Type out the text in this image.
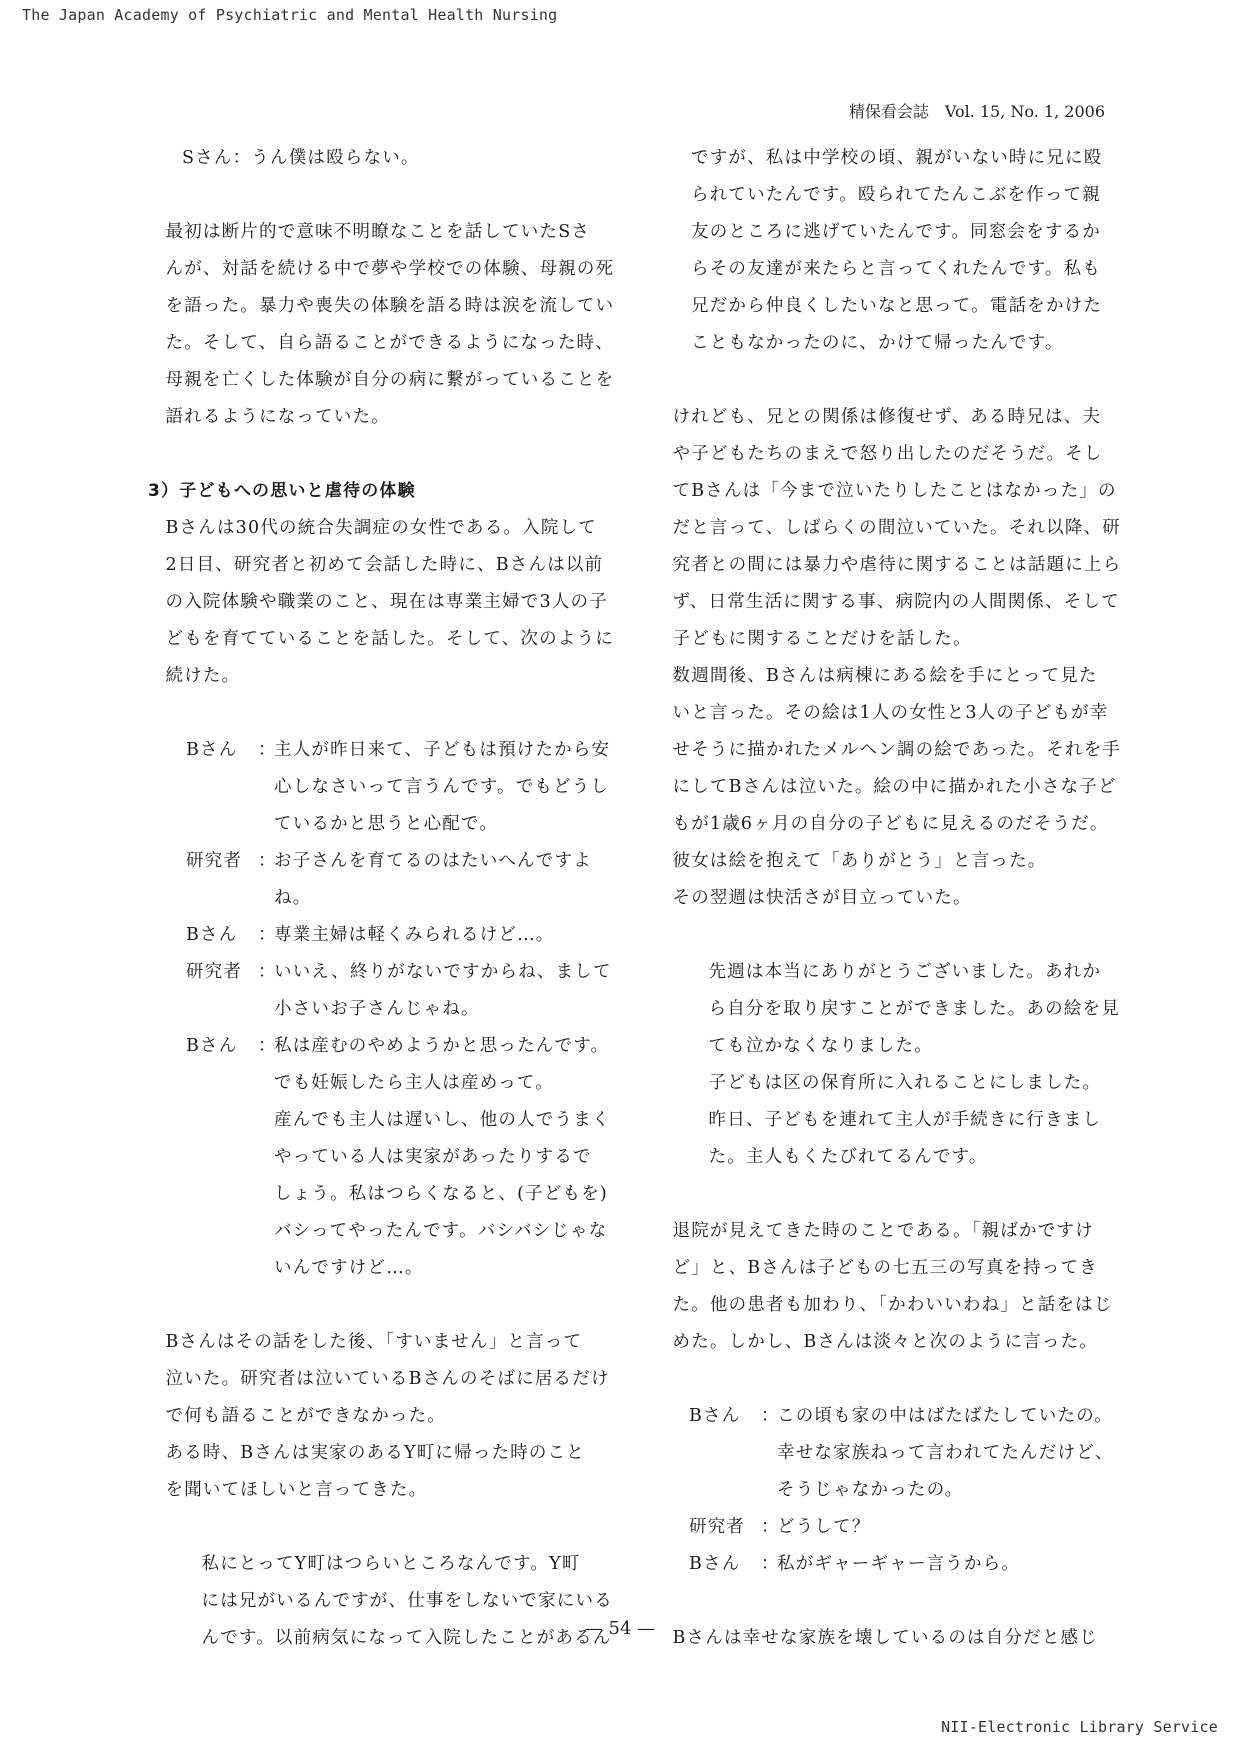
The Japan Academy of Psychiatric and Mental Health Nursing
精保看会誌　Vol. 15, No. 1, 2006
Sさん ： うん僕は殴らない。

最初は断片的で意味不明瞭なことを話していたSさ

んが、対話を続ける中で夢や学校での体験、母親の死

を語った。暴力や喪失の体験を語る時は涙を流してい

た。そして、自ら語ることができるようになった時、

母親を亡くした体験が自分の病に繋がっていることを

語れるようになっていた。

3）子どもへの思いと虐待の体験

Bさんは30代の統合失調症の女性である。入院して

2日目、研究者と初めて会話した時に、Bさんは以前

の入院体験や職業のこと、現在は専業主婦で3人の子

どもを育てていることを話した。そして、次のように

続けた。

Bさん	：

主人が昨日来て、子どもは預けたから安

心しなさいって言うんです。でもどうし

ているかと思うと心配で。

研究者 ：

お子さんを育てるのはたいへんですよ

ね。

Bさん	：

専業主婦は軽くみられるけど…。

研究者 ：

いいえ、終りがないですからね、まして

小さいお子さんじゃね。

Bさん	：

私は産むのやめようかと思ったんです。

でも妊娠したら主人は産めって。

産んでも主人は遅いし、他の人でうまく

やっている人は実家があったりするで

しょう。私はつらくなると、(子どもを)

バシってやったんです。バシバシじゃな

いんですけど…。

Bさんはその話をした後、「すいません」と言って

泣いた。研究者は泣いているBさんのそばに居るだけ

で何も語ることができなかった。

ある時、Bさんは実家のあるY町に帰った時のこと

を聞いてほしいと言ってきた。

私にとってY町はつらいところなんです。Y町

には兄がいるんですが、仕事をしないで家にいる

んです。以前病気になって入院したことがあるん

ですが、私は中学校の頃、親がいない時に兄に殴

られていたんです。殴られてたんこぶを作って親

友のところに逃げていたんです。同窓会をするか

らその友達が来たらと言ってくれたんです。私も

兄だから仲良くしたいなと思って。電話をかけた

こともなかったのに、かけて帰ったんです。

けれども、兄との関係は修復せず、ある時兄は、夫

や子どもたちのまえで怒り出したのだそうだ。そし

てBさんは「今まで泣いたりしたことはなかった」の

だと言って、しばらくの間泣いていた。それ以降、研

究者との間には暴力や虐待に関することは話題に上ら

ず、日常生活に関する事、病院内の人間関係、そして

子どもに関することだけを話した。

数週間後、Bさんは病棟にある絵を手にとって見た

いと言った。その絵は1人の女性と3人の子どもが幸

せそうに描かれたメルヘン調の絵であった。それを手

にしてBさんは泣いた。絵の中に描かれた小さな子ど

もが1歳6ヶ月の自分の子どもに見えるのだそうだ。

彼女は絵を抱えて「ありがとう」と言った。

その翌週は快活さが目立っていた。

先週は本当にありがとうございました。あれか

ら自分を取り戻すことができました。あの絵を見

ても泣かなくなりました。

子どもは区の保育所に入れることにしました。

昨日、子どもを連れて主人が手続きに行きまし

た。主人もくたびれてるんです。

退院が見えてきた時のことである。「親ばかですけ

ど」と、Bさんは子どもの七五三の写真を持ってき

た。他の患者も加わり、「かわいいわね」と話をはじ

めた。しかし、Bさんは淡々と次のように言った。

Bさん	：

この頃も家の中はばたばたしていたの。

幸せな家族ねって言われてたんだけど、

そうじゃなかったの。

研究者 ：

どうして？

Bさん	：

私がギャーギャー言うから。

Bさんは幸せな家族を壊しているのは自分だと感じ

— 54 —
NII-Electronic Library Service
